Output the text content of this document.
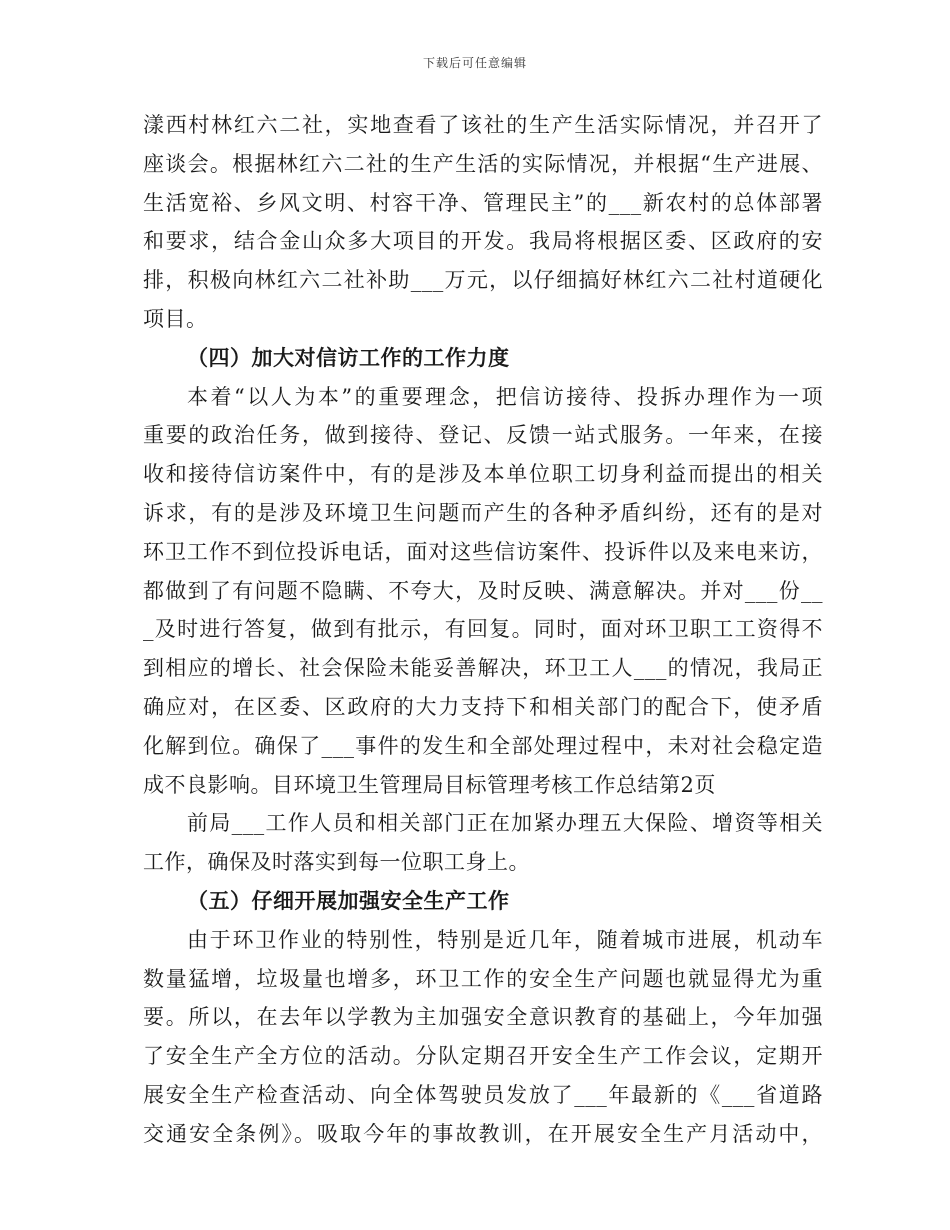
下载后可任意编辑
漾西村林红六二社，实地查看了该社的生产生活实际情况，并召开了
座谈会。根据林红六二社的生产生活的实际情况，并根据“生产进展、
生活宽裕、乡风文明、村容干净、管理民主”的___新农村的总体部署
和要求，结合金山众多大项目的开发。我局将根据区委、区政府的安
排，积极向林红六二社补助___万元，以仔细搞好林红六二社村道硬化
项目。
（四）加大对信访工作的工作力度
本着“以人为本”的重要理念，把信访接待、投拆办理作为一项
重要的政治任务，做到接待、登记、反馈一站式服务。一年来，在接
收和接待信访案件中，有的是涉及本单位职工切身利益而提出的相关
诉求，有的是涉及环境卫生问题而产生的各种矛盾纠纷，还有的是对
环卫工作不到位投诉电话，面对这些信访案件、投诉件以及来电来访，
都做到了有问题不隐瞒、不夸大，及时反映、满意解决。并对___份__
_及时进行答复，做到有批示，有回复。同时，面对环卫职工工资得不
到相应的增长、社会保险未能妥善解决，环卫工人___的情况，我局正
确应对，在区委、区政府的大力支持下和相关部门的配合下，使矛盾
化解到位。确保了___事件的发生和全部处理过程中，未对社会稳定造
成不良影响。目环境卫生管理局目标管理考核工作总结第2页
前局___工作人员和相关部门正在加紧办理五大保险、增资等相关
工作，确保及时落实到每一位职工身上。
（五）仔细开展加强安全生产工作
由于环卫作业的特别性，特别是近几年，随着城市进展，机动车
数量猛增，垃圾量也增多，环卫工作的安全生产问题也就显得尤为重
要。所以，在去年以学教为主加强安全意识教育的基础上，今年加强
了安全生产全方位的活动。分队定期召开安全生产工作会议，定期开
展安全生产检查活动、向全体驾驶员发放了___年最新的《___省道路
交通安全条例》。吸取今年的事故教训，在开展安全生产月活动中，
